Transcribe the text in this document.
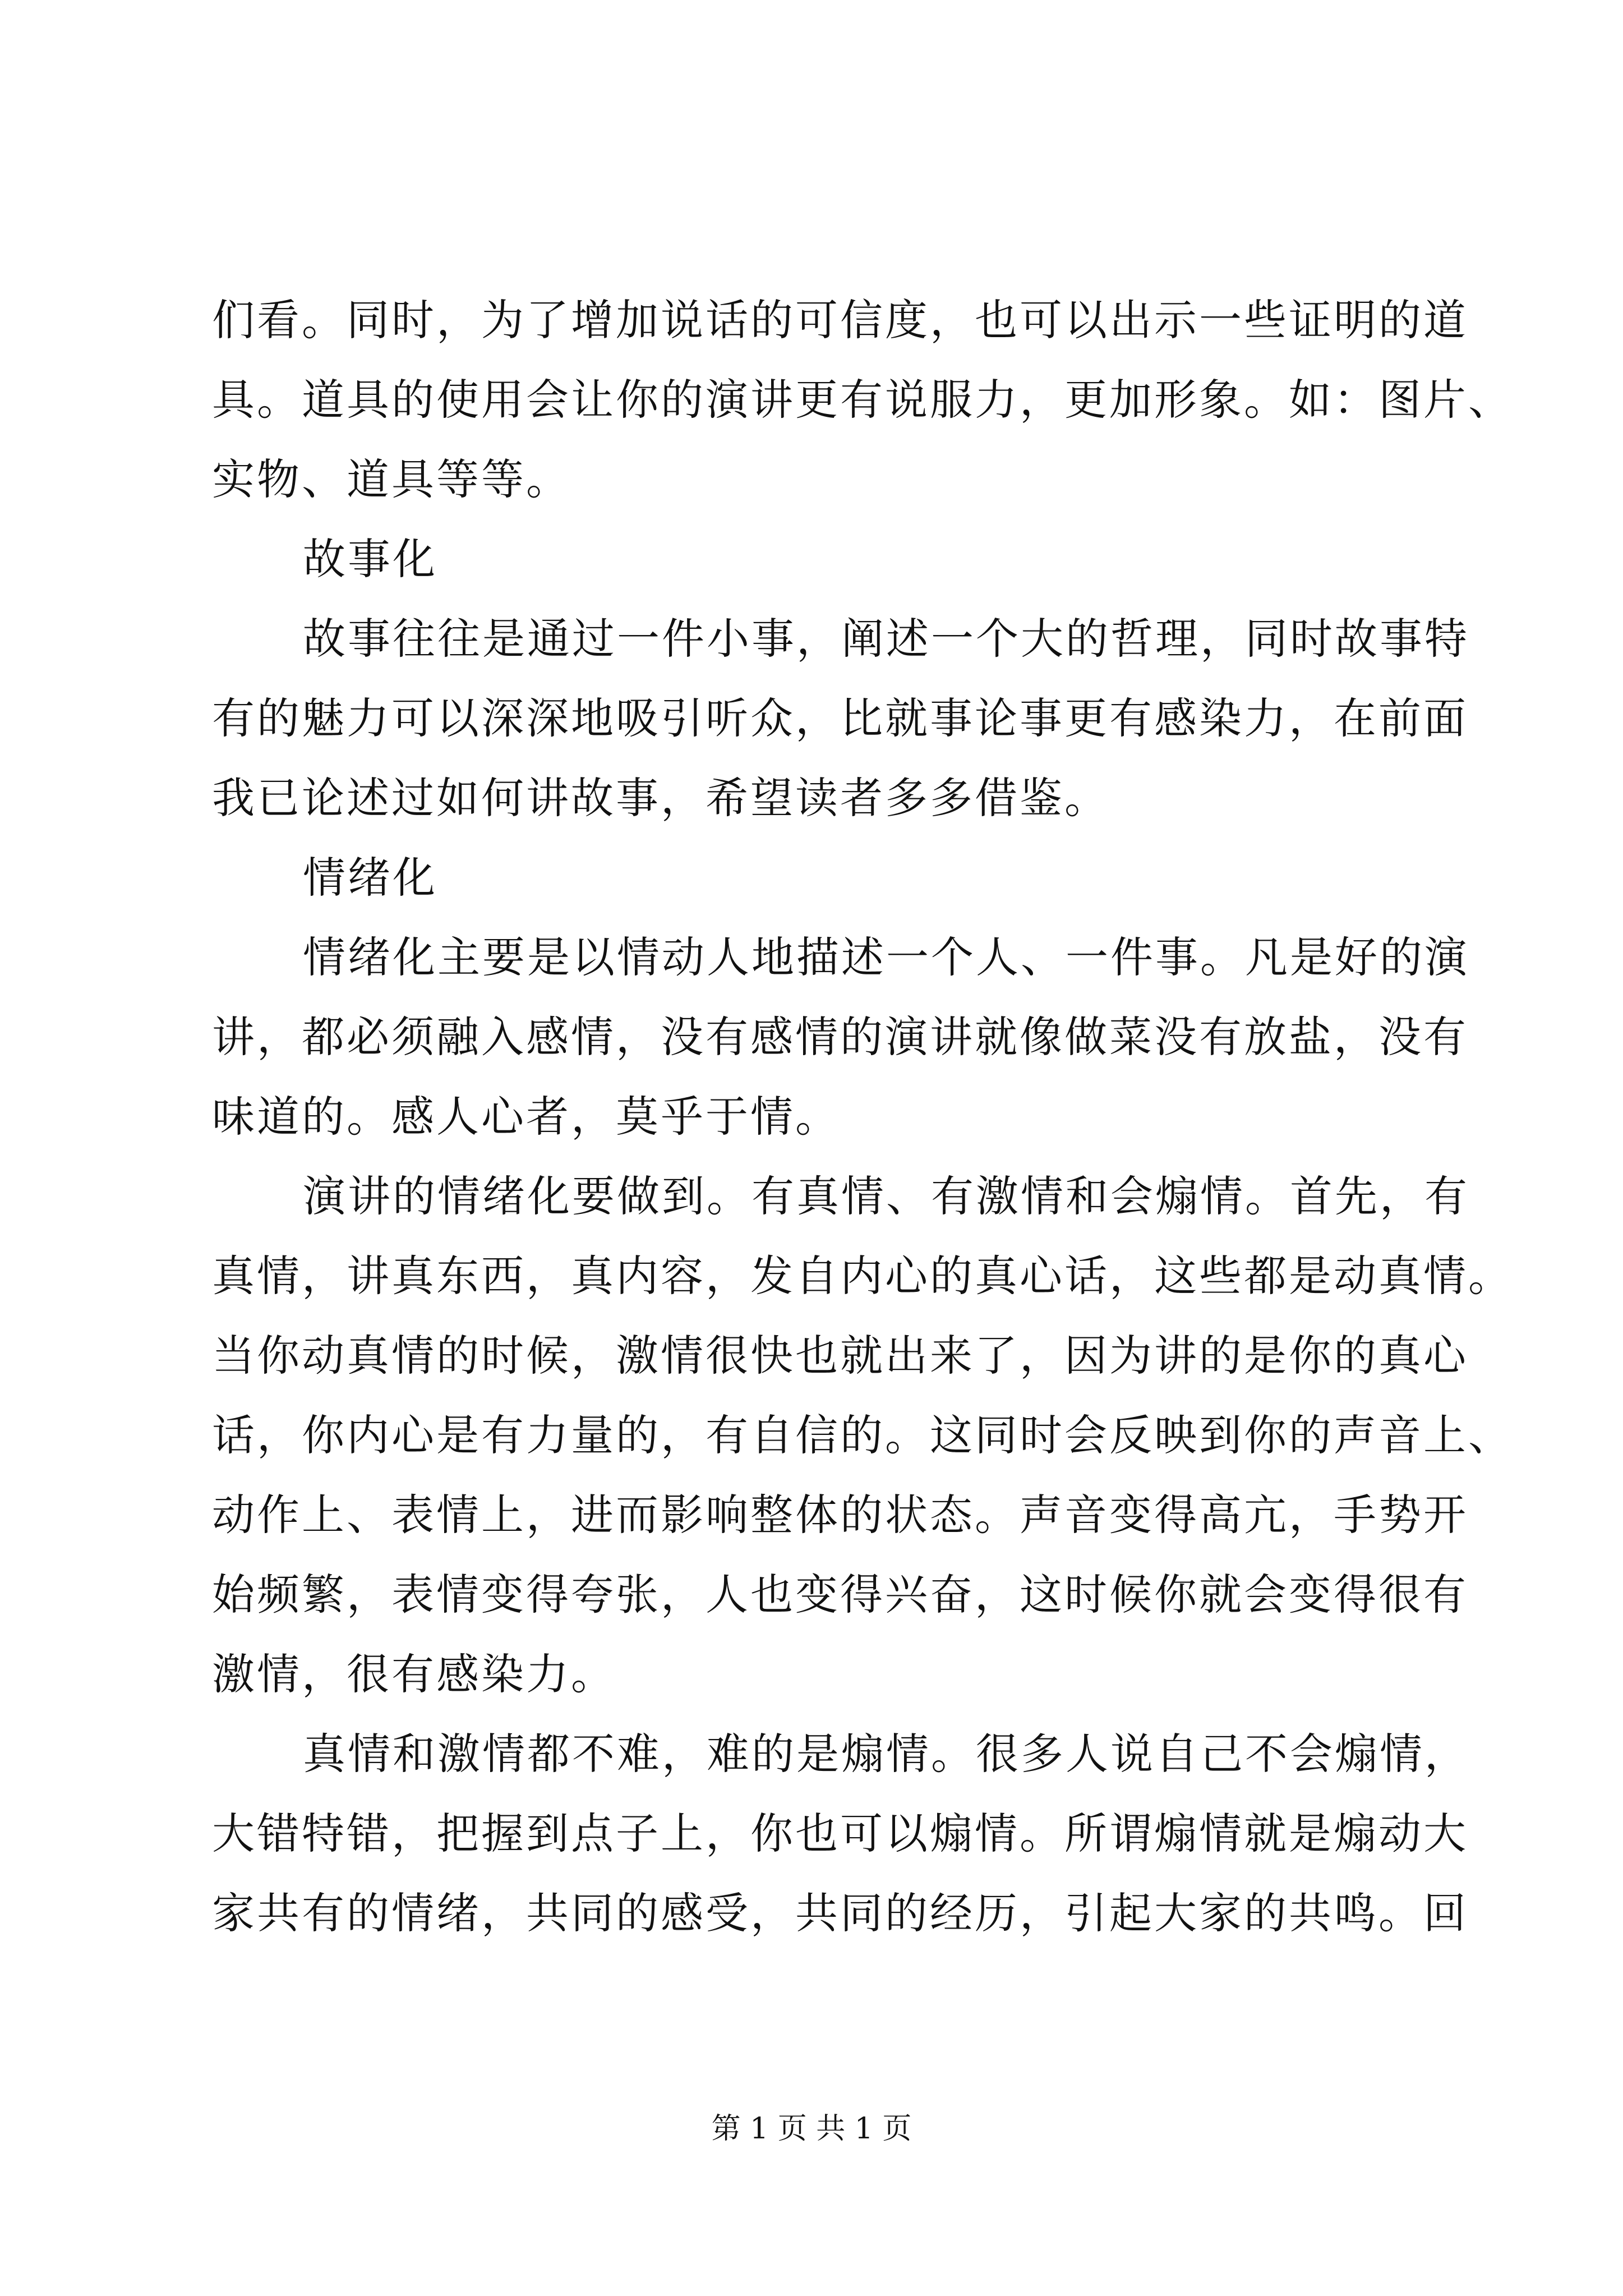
们看。同时，为了增加说话的可信度，也可以出示一些证明的道
具。道具的使用会让你的演讲更有说服力，更加形象。如：图片、
实物、道具等等。
故事化
故事往往是通过一件小事，阐述一个大的哲理，同时故事特
有的魅力可以深深地吸引听众，比就事论事更有感染力，在前面
我已论述过如何讲故事，希望读者多多借鉴。
情绪化
情绪化主要是以情动人地描述一个人、一件事。凡是好的演
讲，都必须融入感情，没有感情的演讲就像做菜没有放盐，没有
味道的。感人心者，莫乎于情。
演讲的情绪化要做到。有真情、有激情和会煽情。首先，有
真情，讲真东西，真内容，发自内心的真心话，这些都是动真情。
当你动真情的时候，激情很快也就出来了，因为讲的是你的真心
话，你内心是有力量的，有自信的。这同时会反映到你的声音上、
动作上、表情上，进而影响整体的状态。声音变得高亢，手势开
始频繁，表情变得夸张，人也变得兴奋，这时候你就会变得很有
激情，很有感染力。
真情和激情都不难，难的是煽情。很多人说自己不会煽情，
大错特错，把握到点子上，你也可以煽情。所谓煽情就是煽动大
家共有的情绪，共同的感受，共同的经历，引起大家的共鸣。回
第 1 页 共 1 页
